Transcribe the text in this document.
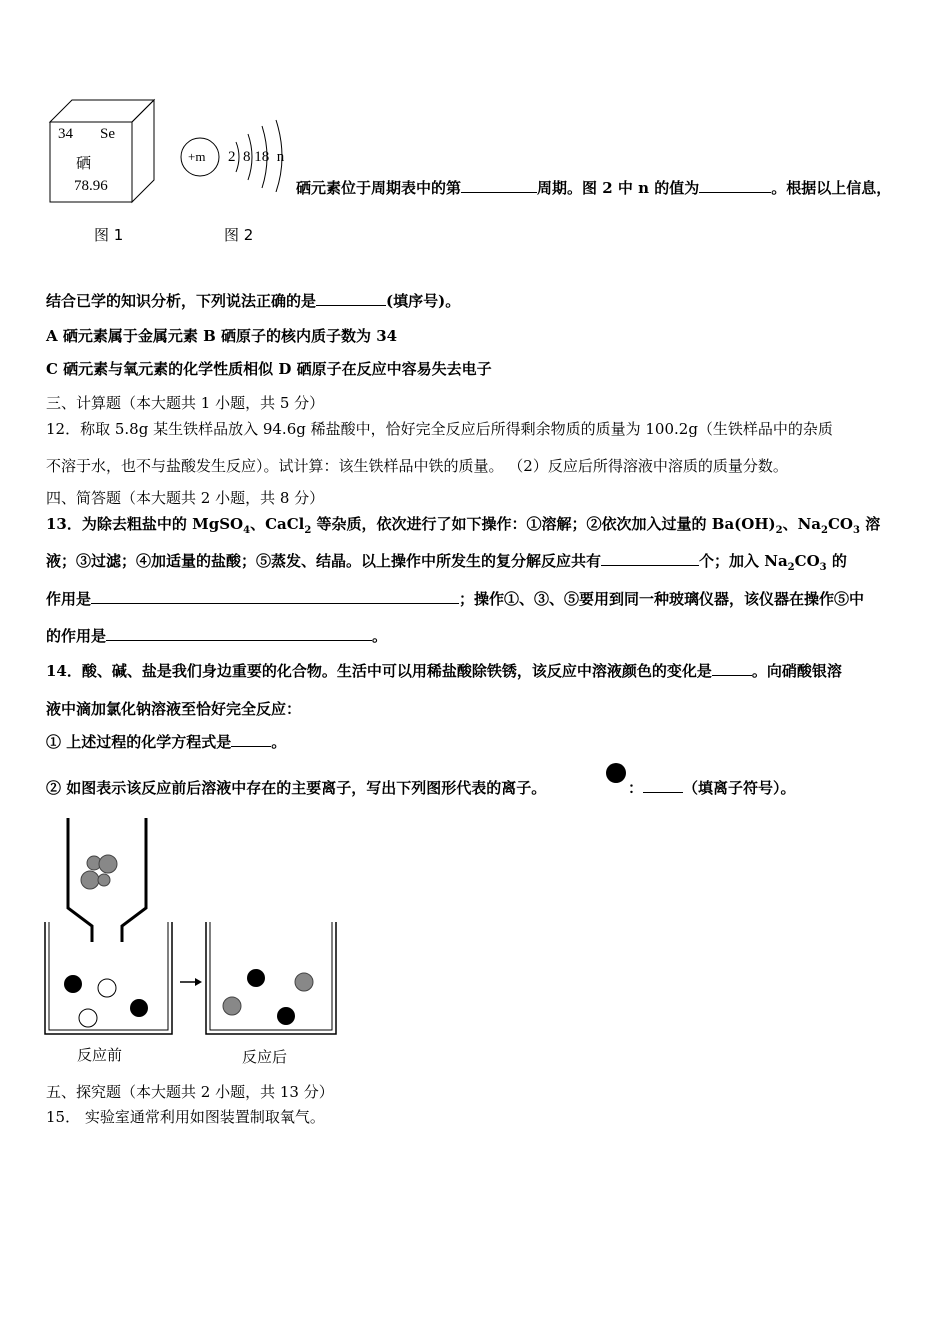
34 Se
硒
78.96
图 1
+m 2  8 18  n
图 2
硒元素位于周期表中的第	周期。图 2 中 n 的值为	。根据以上信息，
结合已学的知识分析，下列说法正确的是	(填序号)。
A 硒元素属于金属元素 B 硒原子的核内质子数为 34
C 硒元素与氧元素的化学性质相似 D 硒原子在反应中容易失去电子
三、计算题（本大题共 1 小题，共 5 分）
12．称取 5.8g 某生铁样品放入 94.6g 稀盐酸中，恰好完全反应后所得剩余物质的质量为 100.2g（生铁样品中的杂质
不溶于水，也不与盐酸发生反应）。试计算：该生铁样品中铁的质量。 （2）反应后所得溶液中溶质的质量分数。
四、简答题（本大题共 2 小题，共 8 分）
13．为除去粗盐中的 MgSO$_4$、CaCl$_2$ 等杂质，依次进行了如下操作：①溶解；②依次加入过量的 $Ba(OH)_2$、$Na_2CO_3$ 溶
液；③过滤；④加适量的盐酸；⑤蒸发、结晶。以上操作中所发生的复分解反应共有	个；加入 $Na_2CO_3$ 的
作用是	；操作①、③、⑤要用到同一种玻璃仪器，该仪器在操作⑤中
的作用是	。
14．酸、碱、盐是我们身边重要的化合物。生活中可以用稀盐酸除铁锈，该反应中溶液颜色的变化是	。向硝酸银溶
液中滴加氯化钠溶液至恰好完全反应：
① 上述过程的化学方程式是	。
② 如图表示该反应前后溶液中存在的主要离子，写出下列图形代表的离子。	：	（填离子符号）。
反应前	反应后
五、探究题（本大题共 2 小题，共 13 分）
15． 实验室通常利用如图装置制取氧气。
